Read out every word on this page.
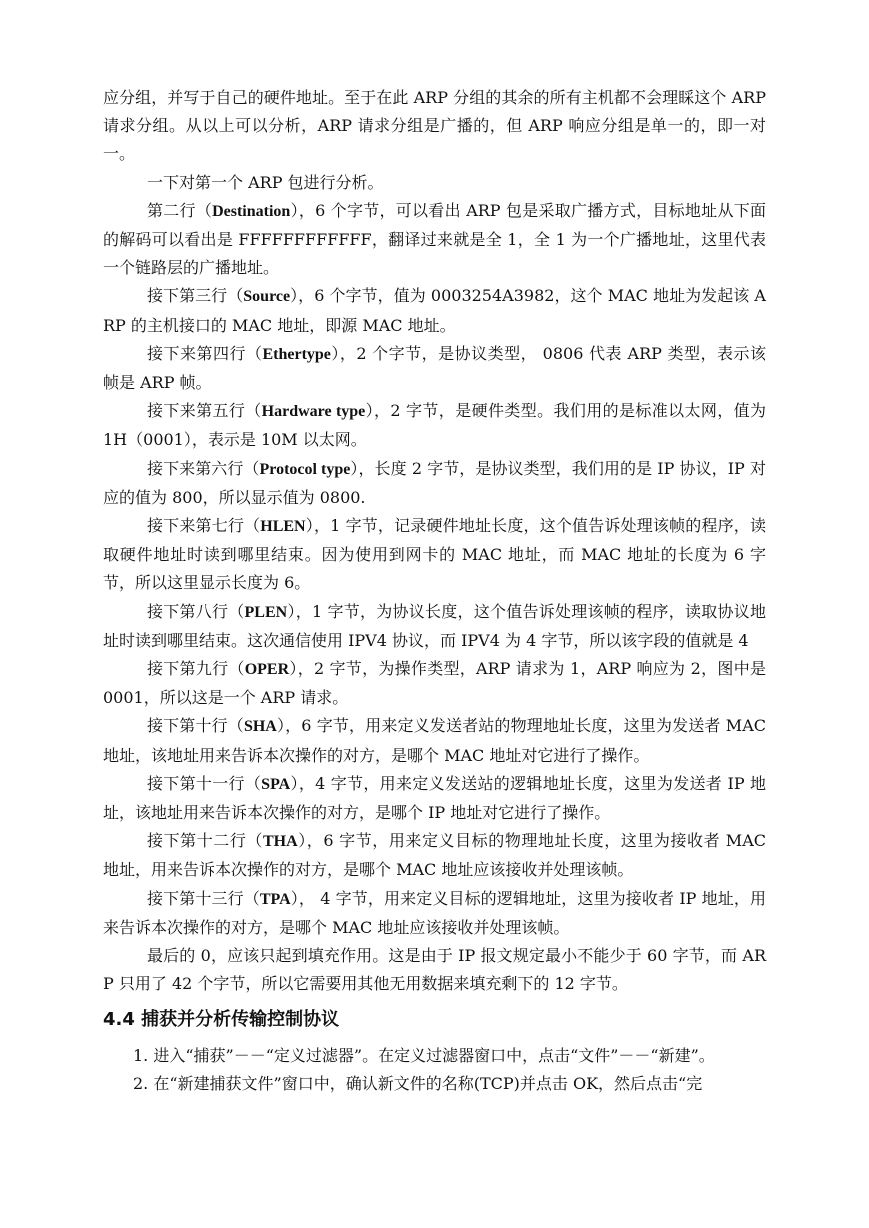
应分组，并写于自己的硬件地址。至于在此 ARP 分组的其余的所有主机都不会理睬这个 ARP 请求分组。从以上可以分析，ARP 请求分组是广播的，但 ARP 响应分组是单一的，即一对一。

一下对第一个 ARP 包进行分析。

第二行（Destination），6 个字节，可以看出 ARP 包是采取广播方式，目标地址从下面的解码可以看出是 FFFFFFFFFFFF，翻译过来就是全 1，全 1 为一个广播地址，这里代表一个链路层的广播地址。

接下第三行（Source），6 个字节，值为 0003254A3982，这个 MAC 地址为发起该 ARP 的主机接口的 MAC 地址，即源 MAC 地址。

接下来第四行（Ethertype），2 个字节，是协议类型， 0806 代表 ARP 类型，表示该帧是 ARP 帧。

接下来第五行（Hardware type），2 字节，是硬件类型。我们用的是标准以太网，值为 1H（0001），表示是 10M 以太网。

接下来第六行（Protocol type），长度 2 字节，是协议类型，我们用的是 IP 协议，IP 对应的值为 800，所以显示值为 0800.

接下来第七行（HLEN），1 字节，记录硬件地址长度，这个值告诉处理该帧的程序，读取硬件地址时读到哪里结束。因为使用到网卡的 MAC 地址，而 MAC 地址的长度为 6 字节，所以这里显示长度为 6。

接下第八行（PLEN），1 字节，为协议长度，这个值告诉处理该帧的程序，读取协议地址时读到哪里结束。这次通信使用 IPV4 协议，而 IPV4 为 4 字节，所以该字段的值就是 4

接下第九行（OPER），2 字节，为操作类型，ARP 请求为 1，ARP 响应为 2，图中是 0001，所以这是一个 ARP 请求。

接下第十行（SHA），6 字节，用来定义发送者站的物理地址长度，这里为发送者 MAC 地址，该地址用来告诉本次操作的对方，是哪个 MAC 地址对它进行了操作。

接下第十一行（SPA），4 字节，用来定义发送站的逻辑地址长度，这里为发送者 IP 地址，该地址用来告诉本次操作的对方，是哪个 IP 地址对它进行了操作。

接下第十二行（THA），6 字节，用来定义目标的物理地址长度，这里为接收者 MAC 地址，用来告诉本次操作的对方，是哪个 MAC 地址应该接收并处理该帧。

接下第十三行（TPA）， 4 字节，用来定义目标的逻辑地址，这里为接收者 IP 地址，用来告诉本次操作的对方，是哪个 MAC 地址应该接收并处理该帧。

最后的 0，应该只起到填充作用。这是由于 IP 报文规定最小不能少于 60 字节，而 ARP 只用了 42 个字节，所以它需要用其他无用数据来填充剩下的 12 字节。

4.4 捕获并分析传输控制协议

1. 进入“捕获”－－“定义过滤器”。在定义过滤器窗口中，点击“文件”－－“新建”。

2. 在“新建捕获文件”窗口中，确认新文件的名称(TCP)并点击 OK，然后点击“完
